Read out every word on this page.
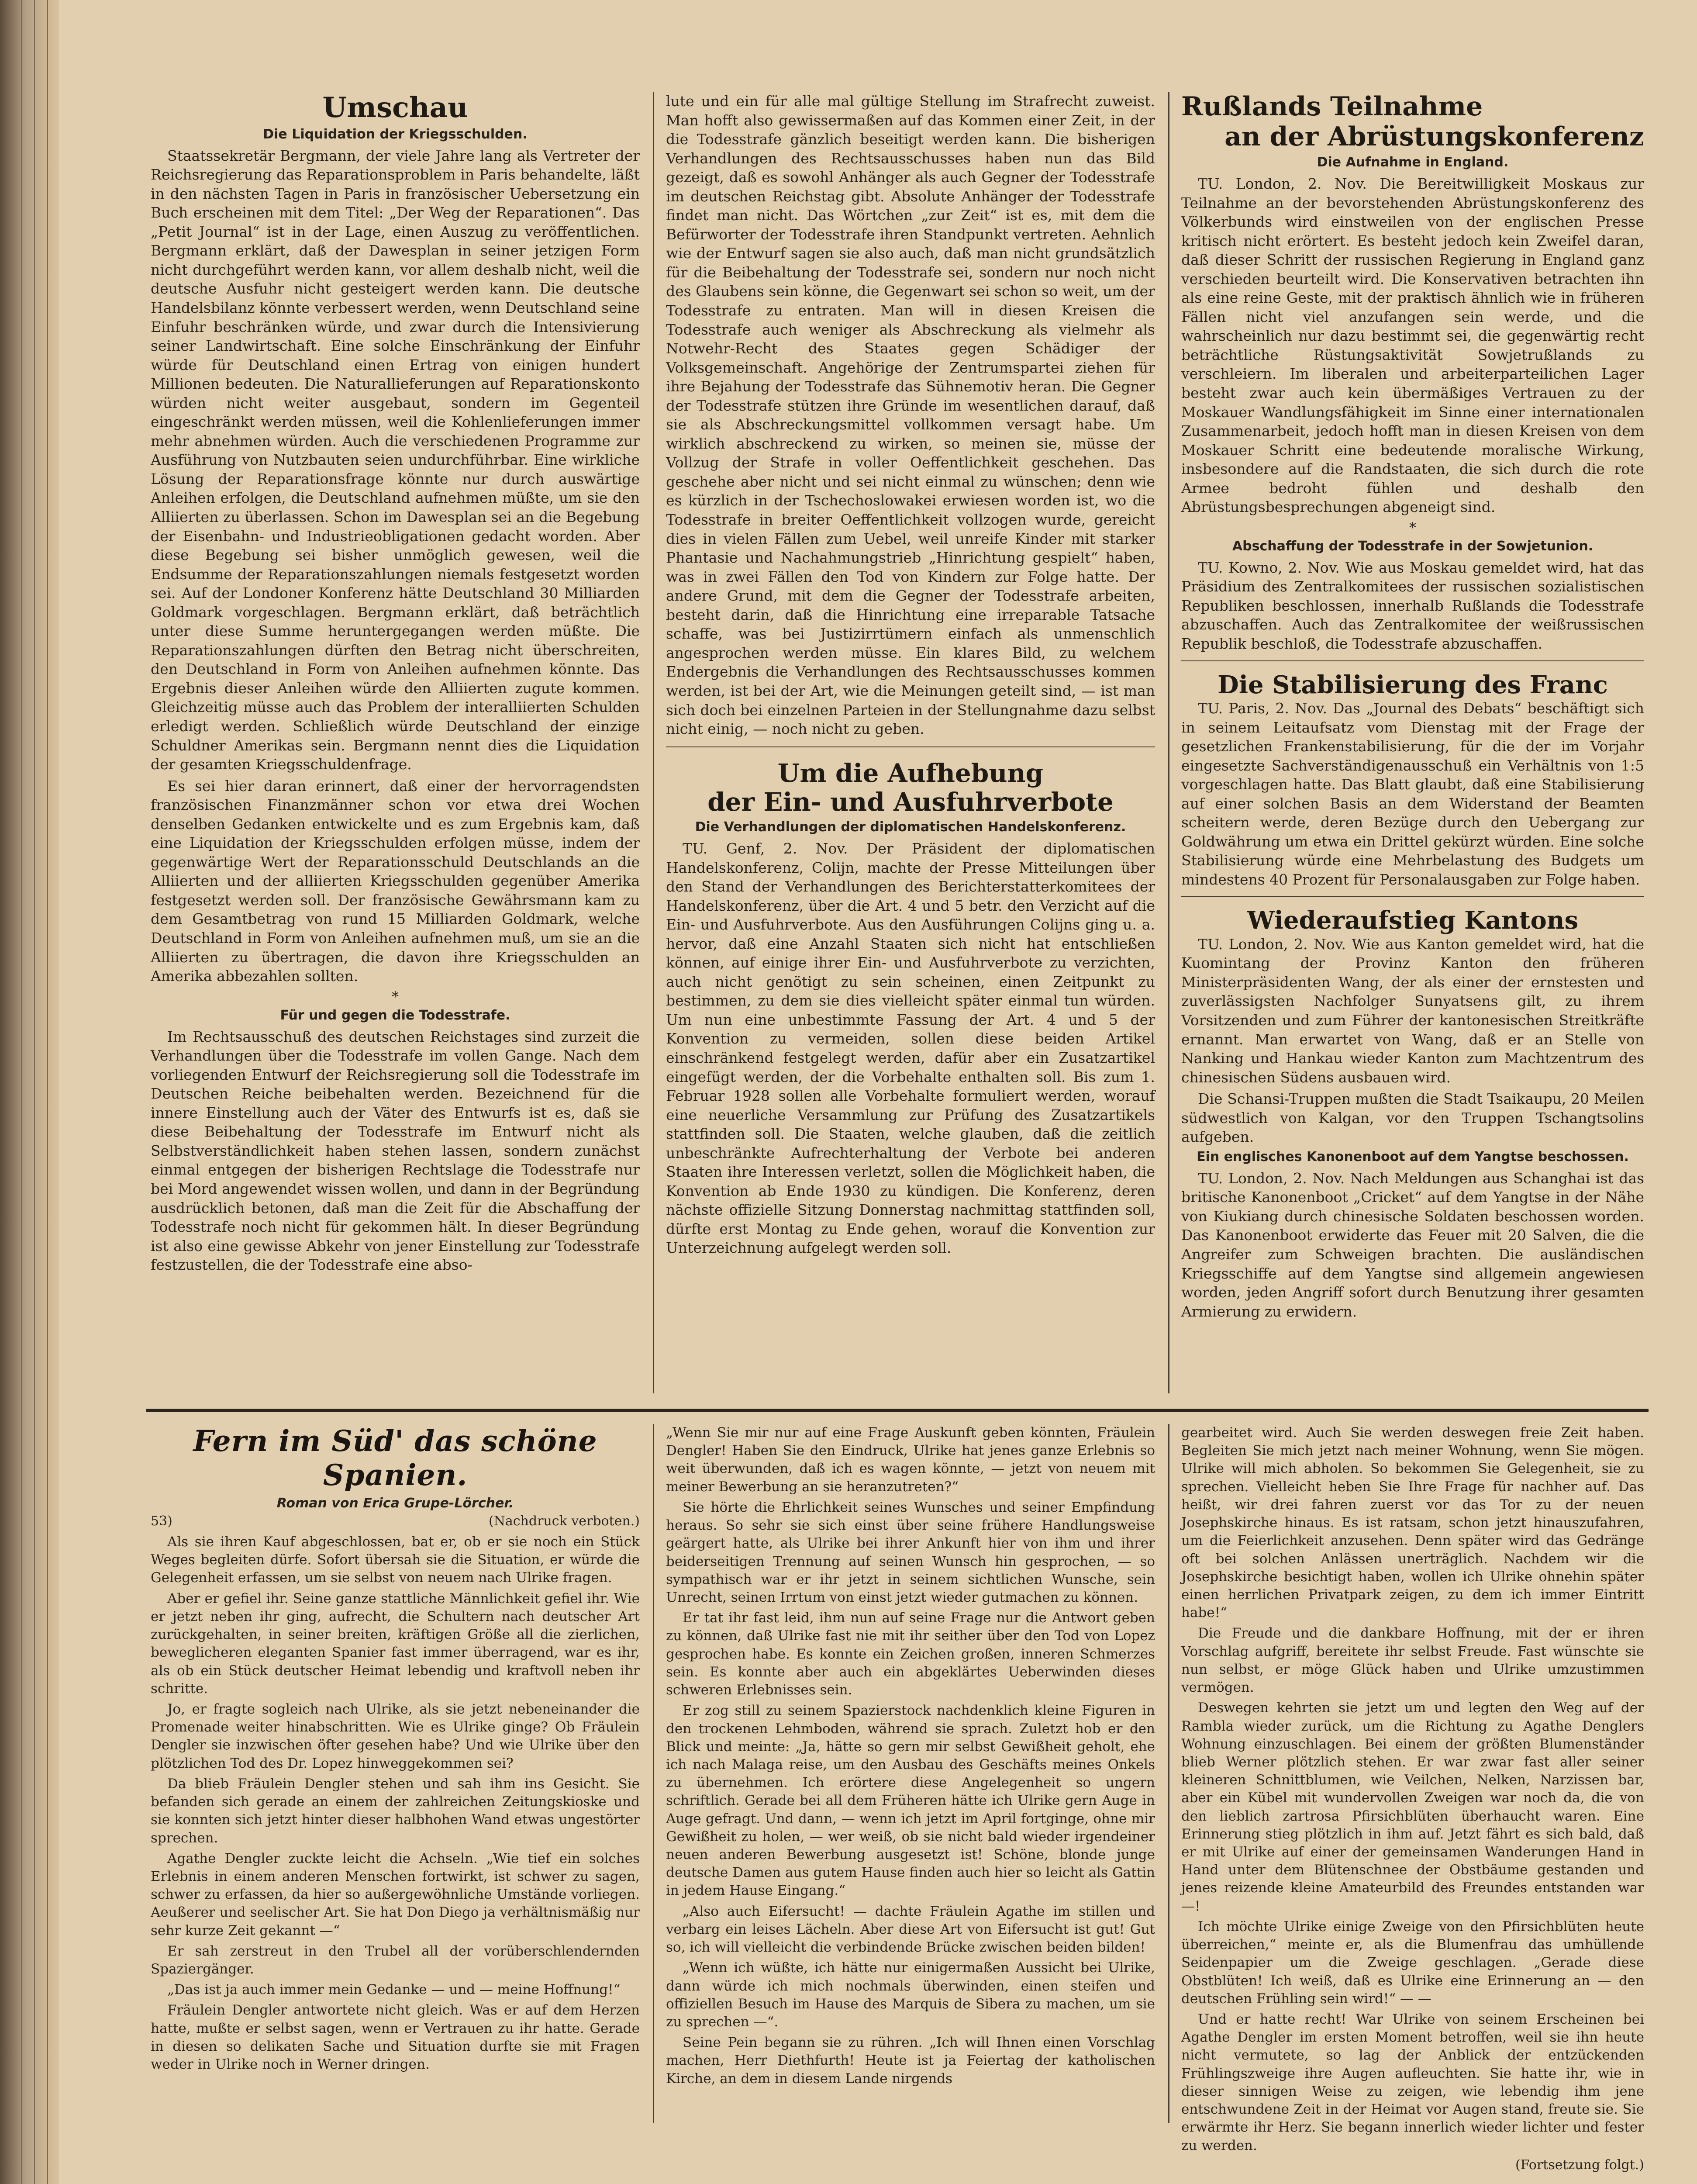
Umschau
Die Liquidation der Kriegsschulden.

Staatssekretär Bergmann, der viele Jahre lang als Vertreter der Reichsregierung das Reparationsproblem in Paris behandelte, läßt in den nächsten Tagen in Paris in französischer Uebersetzung ein Buch erscheinen mit dem Titel: „Der Weg der Reparationen“. Das „Petit Journal“ ist in der Lage, einen Auszug zu veröffentlichen. Bergmann erklärt, daß der Dawesplan in seiner jetzigen Form nicht durchgeführt werden kann, vor allem deshalb nicht, weil die deutsche Ausfuhr nicht gesteigert werden kann. Die deutsche Handelsbilanz könnte verbessert werden, wenn Deutschland seine Einfuhr beschränken würde, und zwar durch die Intensivierung seiner Landwirtschaft. Eine solche Einschränkung der Einfuhr würde für Deutschland einen Ertrag von einigen hundert Millionen bedeuten. Die Naturallieferungen auf Reparationskonto würden nicht weiter ausgebaut, sondern im Gegenteil eingeschränkt werden müssen, weil die Kohlenlieferungen immer mehr abnehmen würden. Auch die verschiedenen Programme zur Ausführung von Nutzbauten seien undurchführbar. Eine wirkliche Lösung der Reparationsfrage könnte nur durch auswärtige Anleihen erfolgen, die Deutschland aufnehmen müßte, um sie den Alliierten zu überlassen. Schon im Dawesplan sei an die Begebung der Eisenbahn- und Industrieobligationen gedacht worden. Aber diese Begebung sei bisher unmöglich gewesen, weil die Endsumme der Reparationszahlungen niemals festgesetzt worden sei. Auf der Londoner Konferenz hätte Deutschland 30 Milliarden Goldmark vorgeschlagen. Bergmann erklärt, daß beträchtlich unter diese Summe heruntergegangen werden müßte. Die Reparationszahlungen dürften den Betrag nicht überschreiten, den Deutschland in Form von Anleihen aufnehmen könnte. Das Ergebnis dieser Anleihen würde den Alliierten zugute kommen. Gleichzeitig müsse auch das Problem der interalliierten Schulden erledigt werden. Schließlich würde Deutschland der einzige Schuldner Amerikas sein. Bergmann nennt dies die Liquidation der gesamten Kriegsschuldenfrage.

Es sei hier daran erinnert, daß einer der hervorragendsten französischen Finanzmänner schon vor etwa drei Wochen denselben Gedanken entwickelte und es zum Ergebnis kam, daß eine Liquidation der Kriegsschulden erfolgen müsse, indem der gegenwärtige Wert der Reparationsschuld Deutschlands an die Alliierten und der alliierten Kriegsschulden gegenüber Amerika festgesetzt werden soll. Der französische Gewährsmann kam zu dem Gesamtbetrag von rund 15 Milliarden Goldmark, welche Deutschland in Form von Anleihen aufnehmen muß, um sie an die Alliierten zu übertragen, die davon ihre Kriegsschulden an Amerika abbezahlen sollten.

*
Für und gegen die Todesstrafe.

Im Rechtsausschuß des deutschen Reichstages sind zurzeit die Verhandlungen über die Todesstrafe im vollen Gange. Nach dem vorliegenden Entwurf der Reichsregierung soll die Todesstrafe im Deutschen Reiche beibehalten werden. Bezeichnend für die innere Einstellung auch der Väter des Entwurfs ist es, daß sie diese Beibehaltung der Todesstrafe im Entwurf nicht als Selbstverständlichkeit haben stehen lassen, sondern zunächst einmal entgegen der bisherigen Rechtslage die Todesstrafe nur bei Mord angewendet wissen wollen, und dann in der Begründung ausdrücklich betonen, daß man die Zeit für die Abschaffung der Todesstrafe noch nicht für gekommen hält. In dieser Begründung ist also eine gewisse Abkehr von jener Einstellung zur Todesstrafe festzustellen, die der Todesstrafe eine abso-

lute und ein für alle mal gültige Stellung im Strafrecht zuweist. Man hofft also gewissermaßen auf das Kommen einer Zeit, in der die Todesstrafe gänzlich beseitigt werden kann. Die bisherigen Verhandlungen des Rechtsausschusses haben nun das Bild gezeigt, daß es sowohl Anhänger als auch Gegner der Todesstrafe im deutschen Reichstag gibt. Absolute Anhänger der Todesstrafe findet man nicht. Das Wörtchen „zur Zeit“ ist es, mit dem die Befürworter der Todesstrafe ihren Standpunkt vertreten. Aehnlich wie der Entwurf sagen sie also auch, daß man nicht grundsätzlich für die Beibehaltung der Todesstrafe sei, sondern nur noch nicht des Glaubens sein könne, die Gegenwart sei schon so weit, um der Todesstrafe zu entraten. Man will in diesen Kreisen die Todesstrafe auch weniger als Abschreckung als vielmehr als Notwehr-Recht des Staates gegen Schädiger der Volksgemeinschaft. Angehörige der Zentrumspartei ziehen für ihre Bejahung der Todesstrafe das Sühnemotiv heran. Die Gegner der Todesstrafe stützen ihre Gründe im wesentlichen darauf, daß sie als Abschreckungsmittel vollkommen versagt habe. Um wirklich abschreckend zu wirken, so meinen sie, müsse der Vollzug der Strafe in voller Oeffentlichkeit geschehen. Das geschehe aber nicht und sei nicht einmal zu wünschen; denn wie es kürzlich in der Tschechoslowakei erwiesen worden ist, wo die Todesstrafe in breiter Oeffentlichkeit vollzogen wurde, gereicht dies in vielen Fällen zum Uebel, weil unreife Kinder mit starker Phantasie und Nachahmungstrieb „Hinrichtung gespielt“ haben, was in zwei Fällen den Tod von Kindern zur Folge hatte. Der andere Grund, mit dem die Gegner der Todesstrafe arbeiten, besteht darin, daß die Hinrichtung eine irreparable Tatsache schaffe, was bei Justizirrtümern einfach als unmenschlich angesprochen werden müsse. Ein klares Bild, zu welchem Endergebnis die Verhandlungen des Rechtsausschusses kommen werden, ist bei der Art, wie die Meinungen geteilt sind, — ist man sich doch bei einzelnen Parteien in der Stellungnahme dazu selbst nicht einig, — noch nicht zu geben.

Um die Aufhebung
der Ein- und Ausfuhrverbote
Die Verhandlungen der diplomatischen Handelskonferenz.

TU. Genf, 2. Nov. Der Präsident der diplomatischen Handelskonferenz, Colijn, machte der Presse Mitteilungen über den Stand der Verhandlungen des Berichterstatterkomitees der Handelskonferenz, über die Art. 4 und 5 betr. den Verzicht auf die Ein- und Ausfuhrverbote. Aus den Ausführungen Colijns ging u. a. hervor, daß eine Anzahl Staaten sich nicht hat entschließen können, auf einige ihrer Ein- und Ausfuhrverbote zu verzichten, auch nicht genötigt zu sein scheinen, einen Zeitpunkt zu bestimmen, zu dem sie dies vielleicht später einmal tun würden. Um nun eine unbestimmte Fassung der Art. 4 und 5 der Konvention zu vermeiden, sollen diese beiden Artikel einschränkend festgelegt werden, dafür aber ein Zusatzartikel eingefügt werden, der die Vorbehalte enthalten soll. Bis zum 1. Februar 1928 sollen alle Vorbehalte formuliert werden, worauf eine neuerliche Versammlung zur Prüfung des Zusatzartikels stattfinden soll. Die Staaten, welche glauben, daß die zeitlich unbeschränkte Aufrechterhaltung der Verbote bei anderen Staaten ihre Interessen verletzt, sollen die Möglichkeit haben, die Konvention ab Ende 1930 zu kündigen. Die Konferenz, deren nächste offizielle Sitzung Donnerstag nachmittag stattfinden soll, dürfte erst Montag zu Ende gehen, worauf die Konvention zur Unterzeichnung aufgelegt werden soll.

Rußlands Teilnahme
an der Abrüstungskonferenz
Die Aufnahme in England.

TU. London, 2. Nov. Die Bereitwilligkeit Moskaus zur Teilnahme an der bevorstehenden Abrüstungskonferenz des Völkerbunds wird einstweilen von der englischen Presse kritisch nicht erörtert. Es besteht jedoch kein Zweifel daran, daß dieser Schritt der russischen Regierung in England ganz verschieden beurteilt wird. Die Konservativen betrachten ihn als eine reine Geste, mit der praktisch ähnlich wie in früheren Fällen nicht viel anzufangen sein werde, und die wahrscheinlich nur dazu bestimmt sei, die gegenwärtig recht beträchtliche Rüstungsaktivität Sowjetrußlands zu verschleiern. Im liberalen und arbeiterparteilichen Lager besteht zwar auch kein übermäßiges Vertrauen zu der Moskauer Wandlungsfähigkeit im Sinne einer internationalen Zusammenarbeit, jedoch hofft man in diesen Kreisen von dem Moskauer Schritt eine bedeutende moralische Wirkung, insbesondere auf die Randstaaten, die sich durch die rote Armee bedroht fühlen und deshalb den Abrüstungsbesprechungen abgeneigt sind.

*
Abschaffung der Todesstrafe in der Sowjetunion.

TU. Kowno, 2. Nov. Wie aus Moskau gemeldet wird, hat das Präsidium des Zentralkomitees der russischen sozialistischen Republiken beschlossen, innerhalb Rußlands die Todesstrafe abzuschaffen. Auch das Zentralkomitee der weißrussischen Republik beschloß, die Todesstrafe abzuschaffen.

Die Stabilisierung des Franc

TU. Paris, 2. Nov. Das „Journal des Debats“ beschäftigt sich in seinem Leitaufsatz vom Dienstag mit der Frage der gesetzlichen Frankenstabilisierung, für die der im Vorjahr eingesetzte Sachverständigenausschuß ein Verhältnis von 1:5 vorgeschlagen hatte. Das Blatt glaubt, daß eine Stabilisierung auf einer solchen Basis an dem Widerstand der Beamten scheitern werde, deren Bezüge durch den Uebergang zur Goldwährung um etwa ein Drittel gekürzt würden. Eine solche Stabilisierung würde eine Mehrbelastung des Budgets um mindestens 40 Prozent für Personalausgaben zur Folge haben.

Wiederaufstieg Kantons

TU. London, 2. Nov. Wie aus Kanton gemeldet wird, hat die Kuomintang der Provinz Kanton den früheren Ministerpräsidenten Wang, der als einer der ernstesten und zuverlässigsten Nachfolger Sunyatsens gilt, zu ihrem Vorsitzenden und zum Führer der kantonesischen Streitkräfte ernannt. Man erwartet von Wang, daß er an Stelle von Nanking und Hankau wieder Kanton zum Machtzentrum des chinesischen Südens ausbauen wird.

Die Schansi-Truppen mußten die Stadt Tsaikaupu, 20 Meilen südwestlich von Kalgan, vor den Truppen Tschangtsolins aufgeben.

Ein englisches Kanonenboot auf dem Yangtse beschossen.

TU. London, 2. Nov. Nach Meldungen aus Schanghai ist das britische Kanonenboot „Cricket“ auf dem Yangtse in der Nähe von Kiukiang durch chinesische Soldaten beschossen worden. Das Kanonenboot erwiderte das Feuer mit 20 Salven, die die Angreifer zum Schweigen brachten. Die ausländischen Kriegsschiffe auf dem Yangtse sind allgemein angewiesen worden, jeden Angriff sofort durch Benutzung ihrer gesamten Armierung zu erwidern.

Fern im Süd' das schöne Spanien.
Roman von Erica Grupe-Lörcher.
53)	(Nachdruck verboten.)

Als sie ihren Kauf abgeschlossen, bat er, ob er sie noch ein Stück Weges begleiten dürfe. Sofort übersah sie die Situation, er würde die Gelegenheit erfassen, um sie selbst von neuem nach Ulrike fragen.

Aber er gefiel ihr. Seine ganze stattliche Männlichkeit gefiel ihr. Wie er jetzt neben ihr ging, aufrecht, die Schultern nach deutscher Art zurückgehalten, in seiner breiten, kräftigen Größe all die zierlichen, beweglicheren eleganten Spanier fast immer überragend, war es ihr, als ob ein Stück deutscher Heimat lebendig und kraftvoll neben ihr schritte.

Jo, er fragte sogleich nach Ulrike, als sie jetzt nebeneinander die Promenade weiter hinabschritten. Wie es Ulrike ginge? Ob Fräulein Dengler sie inzwischen öfter gesehen habe? Und wie Ulrike über den plötzlichen Tod des Dr. Lopez hinweggekommen sei?

Da blieb Fräulein Dengler stehen und sah ihm ins Gesicht. Sie befanden sich gerade an einem der zahlreichen Zeitungskioske und sie konnten sich jetzt hinter dieser halbhohen Wand etwas ungestörter sprechen.

Agathe Dengler zuckte leicht die Achseln. „Wie tief ein solches Erlebnis in einem anderen Menschen fortwirkt, ist schwer zu sagen, schwer zu erfassen, da hier so außergewöhnliche Umstände vorliegen. Aeußerer und seelischer Art. Sie hat Don Diego ja verhältnismäßig nur sehr kurze Zeit gekannt —“

Er sah zerstreut in den Trubel all der vorüberschlendernden Spaziergänger.

„Das ist ja auch immer mein Gedanke — und — meine Hoffnung!“

Fräulein Dengler antwortete nicht gleich. Was er auf dem Herzen hatte, mußte er selbst sagen, wenn er Vertrauen zu ihr hatte. Gerade in diesen so delikaten Sache und Situation durfte sie mit Fragen weder in Ulrike noch in Werner dringen.

„Wenn Sie mir nur auf eine Frage Auskunft geben könnten, Fräulein Dengler! Haben Sie den Eindruck, Ulrike hat jenes ganze Erlebnis so weit überwunden, daß ich es wagen könnte, — jetzt von neuem mit meiner Bewerbung an sie heranzutreten?“

Sie hörte die Ehrlichkeit seines Wunsches und seiner Empfindung heraus. So sehr sie sich einst über seine frühere Handlungsweise geärgert hatte, als Ulrike bei ihrer Ankunft hier von ihm und ihrer beiderseitigen Trennung auf seinen Wunsch hin gesprochen, — so sympathisch war er ihr jetzt in seinem sichtlichen Wunsche, sein Unrecht, seinen Irrtum von einst jetzt wieder gutmachen zu können.

Er tat ihr fast leid, ihm nun auf seine Frage nur die Antwort geben zu können, daß Ulrike fast nie mit ihr seither über den Tod von Lopez gesprochen habe. Es konnte ein Zeichen großen, inneren Schmerzes sein. Es konnte aber auch ein abgeklärtes Ueberwinden dieses schweren Erlebnisses sein.

Er zog still zu seinem Spazierstock nachdenklich kleine Figuren in den trockenen Lehmboden, während sie sprach. Zuletzt hob er den Blick und meinte: „Ja, hätte so gern mir selbst Gewißheit geholt, ehe ich nach Malaga reise, um den Ausbau des Geschäfts meines Onkels zu übernehmen. Ich erörtere diese Angelegenheit so ungern schriftlich. Gerade bei all dem Früheren hätte ich Ulrike gern Auge in Auge gefragt. Und dann, — wenn ich jetzt im April fortginge, ohne mir Gewißheit zu holen, — wer weiß, ob sie nicht bald wieder irgendeiner neuen anderen Bewerbung ausgesetzt ist! Schöne, blonde junge deutsche Damen aus gutem Hause finden auch hier so leicht als Gattin in jedem Hause Eingang.“

„Also auch Eifersucht! — dachte Fräulein Agathe im stillen und verbarg ein leises Lächeln. Aber diese Art von Eifersucht ist gut! Gut so, ich will vielleicht die verbindende Brücke zwischen beiden bilden!

„Wenn ich wüßte, ich hätte nur einigermaßen Aussicht bei Ulrike, dann würde ich mich nochmals überwinden, einen steifen und offiziellen Besuch im Hause des Marquis de Sibera zu machen, um sie zu sprechen —“.

Seine Pein begann sie zu rühren. „Ich will Ihnen einen Vorschlag machen, Herr Diethfurth! Heute ist ja Feiertag der katholischen Kirche, an dem in diesem Lande nirgends

gearbeitet wird. Auch Sie werden deswegen freie Zeit haben. Begleiten Sie mich jetzt nach meiner Wohnung, wenn Sie mögen. Ulrike will mich abholen. So bekommen Sie Gelegenheit, sie zu sprechen. Vielleicht heben Sie Ihre Frage für nachher auf. Das heißt, wir drei fahren zuerst vor das Tor zu der neuen Josephskirche hinaus. Es ist ratsam, schon jetzt hinauszufahren, um die Feierlichkeit anzusehen. Denn später wird das Gedränge oft bei solchen Anlässen unerträglich. Nachdem wir die Josephskirche besichtigt haben, wollen ich Ulrike ohnehin später einen herrlichen Privatpark zeigen, zu dem ich immer Eintritt habe!“

Die Freude und die dankbare Hoffnung, mit der er ihren Vorschlag aufgriff, bereitete ihr selbst Freude. Fast wünschte sie nun selbst, er möge Glück haben und Ulrike umzustimmen vermögen.

Deswegen kehrten sie jetzt um und legten den Weg auf der Rambla wieder zurück, um die Richtung zu Agathe Denglers Wohnung einzuschlagen. Bei einem der größten Blumenständer blieb Werner plötzlich stehen. Er war zwar fast aller seiner kleineren Schnittblumen, wie Veilchen, Nelken, Narzissen bar, aber ein Kübel mit wundervollen Zweigen war noch da, die von den lieblich zartrosa Pfirsichblüten überhaucht waren. Eine Erinnerung stieg plötzlich in ihm auf. Jetzt fährt es sich bald, daß er mit Ulrike auf einer der gemeinsamen Wanderungen Hand in Hand unter dem Blütenschnee der Obstbäume gestanden und jenes reizende kleine Amateurbild des Freundes entstanden war —!

Ich möchte Ulrike einige Zweige von den Pfirsichblüten heute überreichen,“ meinte er, als die Blumenfrau das umhüllende Seidenpapier um die Zweige geschlagen. „Gerade diese Obstblüten! Ich weiß, daß es Ulrike eine Erinnerung an — den deutschen Frühling sein wird!“ — —

Und er hatte recht! War Ulrike von seinem Erscheinen bei Agathe Dengler im ersten Moment betroffen, weil sie ihn heute nicht vermutete, so lag der Anblick der entzückenden Frühlingszweige ihre Augen aufleuchten. Sie hatte ihr, wie in dieser sinnigen Weise zu zeigen, wie lebendig ihm jene entschwundene Zeit in der Heimat vor Augen stand, freute sie. Sie erwärmte ihr Herz. Sie begann innerlich wieder lichter und fester zu werden.

(Fortsetzung folgt.)
